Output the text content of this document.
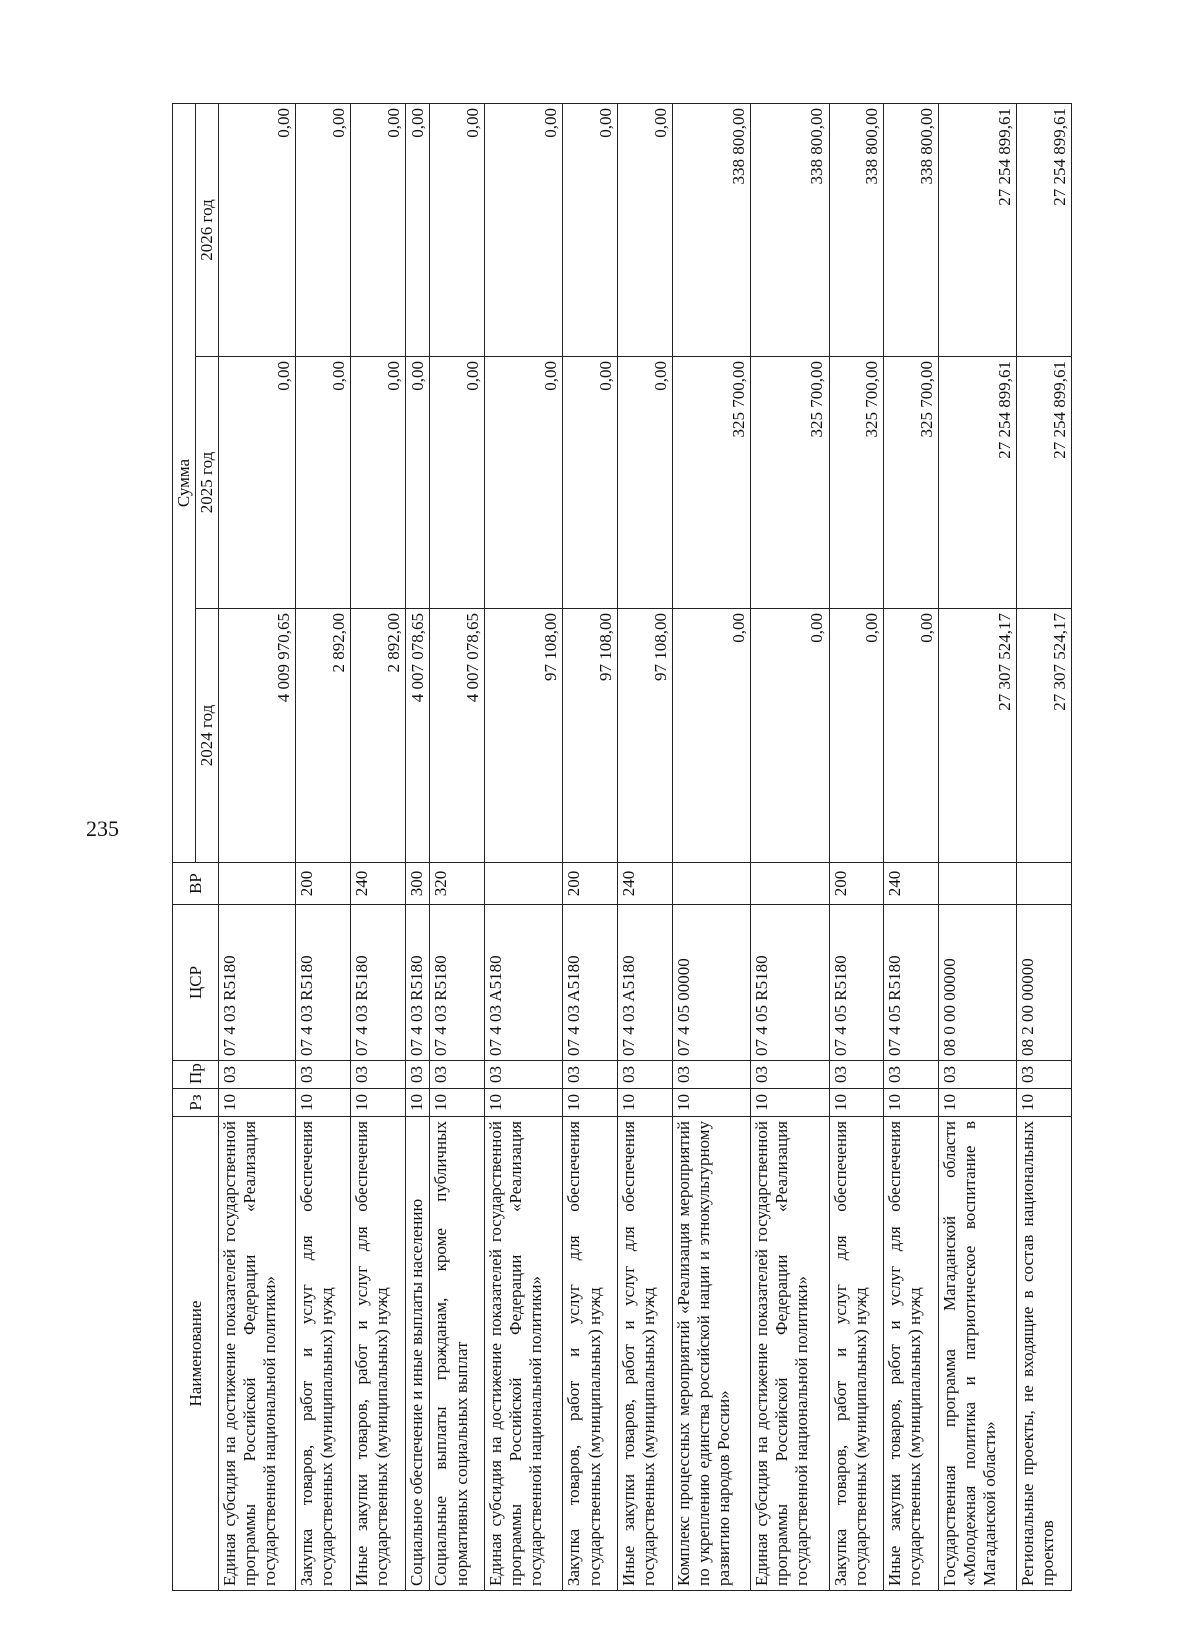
235
Наименование	Рз	Пр	ЦСР	ВР	Сумма		
					2024 год	2025 год	2026 год
Единая субсидия на достижение показателей государственной программы Российской Федерации «Реализация государственной национальной политики»	10	03	07 4 03 R5180		4 009 970,65	0,00	0,00
Закупка товаров, работ и услуг для обеспечения государственных (муниципальных) нужд	10	03	07 4 03 R5180	200	2 892,00	0,00	0,00
Иные закупки товаров, работ и услуг для обеспечения государственных (муниципальных) нужд	10	03	07 4 03 R5180	240	2 892,00	0,00	0,00
Социальное обеспечение и иные выплаты населению	10	03	07 4 03 R5180	300	4 007 078,65	0,00	0,00
Социальные выплаты гражданам, кроме публичных нормативных социальных выплат	10	03	07 4 03 R5180	320	4 007 078,65	0,00	0,00
Единая субсидия на достижение показателей государственной программы Российской Федерации «Реализация государственной национальной политики»	10	03	07 4 03 A5180		97 108,00	0,00	0,00
Закупка товаров, работ и услуг для обеспечения государственных (муниципальных) нужд	10	03	07 4 03 A5180	200	97 108,00	0,00	0,00
Иные закупки товаров, работ и услуг для обеспечения государственных (муниципальных) нужд	10	03	07 4 03 A5180	240	97 108,00	0,00	0,00
Комплекс процессных мероприятий «Реализация мероприятий по укреплению единства российской нации и этнокультурному развитию народов России»	10	03	07 4 05 00000		0,00	325 700,00	338 800,00
Единая субсидия на достижение показателей государственной программы Российской Федерации «Реализация государственной национальной политики»	10	03	07 4 05 R5180		0,00	325 700,00	338 800,00
Закупка товаров, работ и услуг для обеспечения государственных (муниципальных) нужд	10	03	07 4 05 R5180	200	0,00	325 700,00	338 800,00
Иные закупки товаров, работ и услуг для обеспечения государственных (муниципальных) нужд	10	03	07 4 05 R5180	240	0,00	325 700,00	338 800,00
Государственная программа Магаданской области «Молодежная политика и патриотическое воспитание в Магаданской области»	10	03	08 0 00 00000		27 307 524,17	27 254 899,61	27 254 899,61
Региональные проекты, не входящие в состав национальных проектов	10	03	08 2 00 00000		27 307 524,17	27 254 899,61	27 254 899,61
